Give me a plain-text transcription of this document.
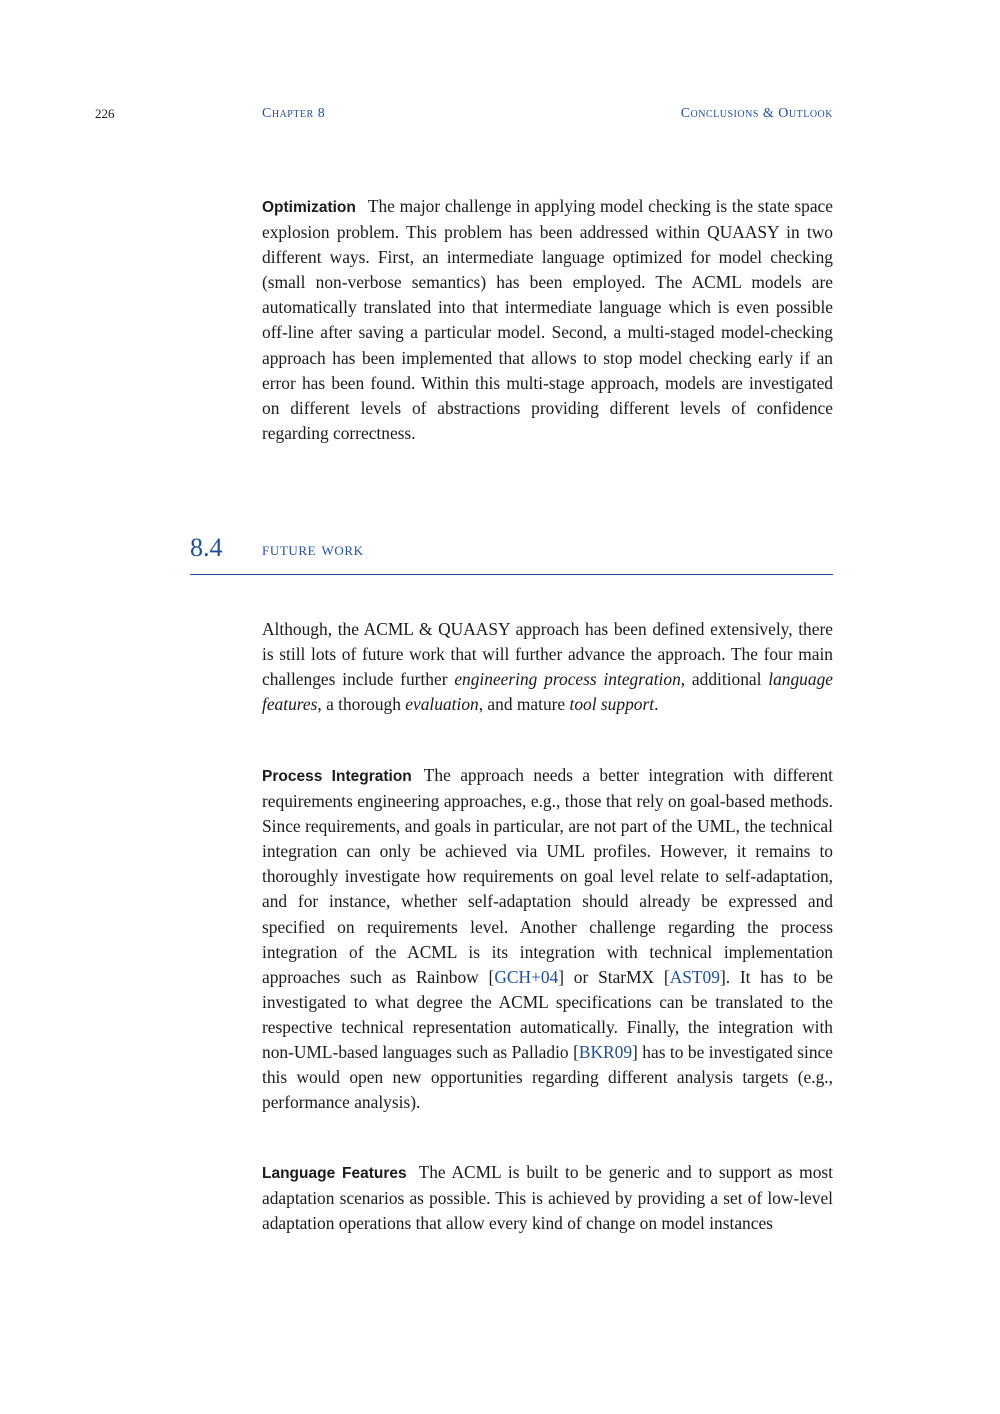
226	Chapter 8	Conclusions & Outlook
Optimization The major challenge in applying model checking is the state space explosion problem. This problem has been addressed within QUAASY in two different ways. First, an intermediate language optimized for model checking (small non-verbose semantics) has been employed. The ACML models are automatically translated into that intermediate language which is even possible off-line after saving a particular model. Second, a multi-staged model-checking approach has been implemented that allows to stop model checking early if an error has been found. Within this multi-stage approach, models are investigated on different levels of abstractions providing different levels of confidence regarding correctness.
8.4 future work
Although, the ACML & QUAASY approach has been defined extensively, there is still lots of future work that will further advance the approach. The four main challenges include further engineering process integration, additional language features, a thorough evaluation, and mature tool support.
Process Integration The approach needs a better integration with different requirements engineering approaches, e.g., those that rely on goal-based methods. Since requirements, and goals in particular, are not part of the UML, the technical integration can only be achieved via UML profiles. However, it remains to thoroughly investigate how requirements on goal level relate to self-adaptation, and for instance, whether self-adaptation should already be expressed and specified on requirements level. Another challenge regarding the process integration of the ACML is its integration with technical implementation approaches such as Rainbow [GCH+04] or StarMX [AST09]. It has to be investigated to what degree the ACML specifications can be translated to the respective technical representation automatically. Finally, the integration with non-UML-based languages such as Palladio [BKR09] has to be investigated since this would open new opportunities regarding different analysis targets (e.g., performance analysis).
Language Features The ACML is built to be generic and to support as most adaptation scenarios as possible. This is achieved by providing a set of low-level adaptation operations that allow every kind of change on model instances
